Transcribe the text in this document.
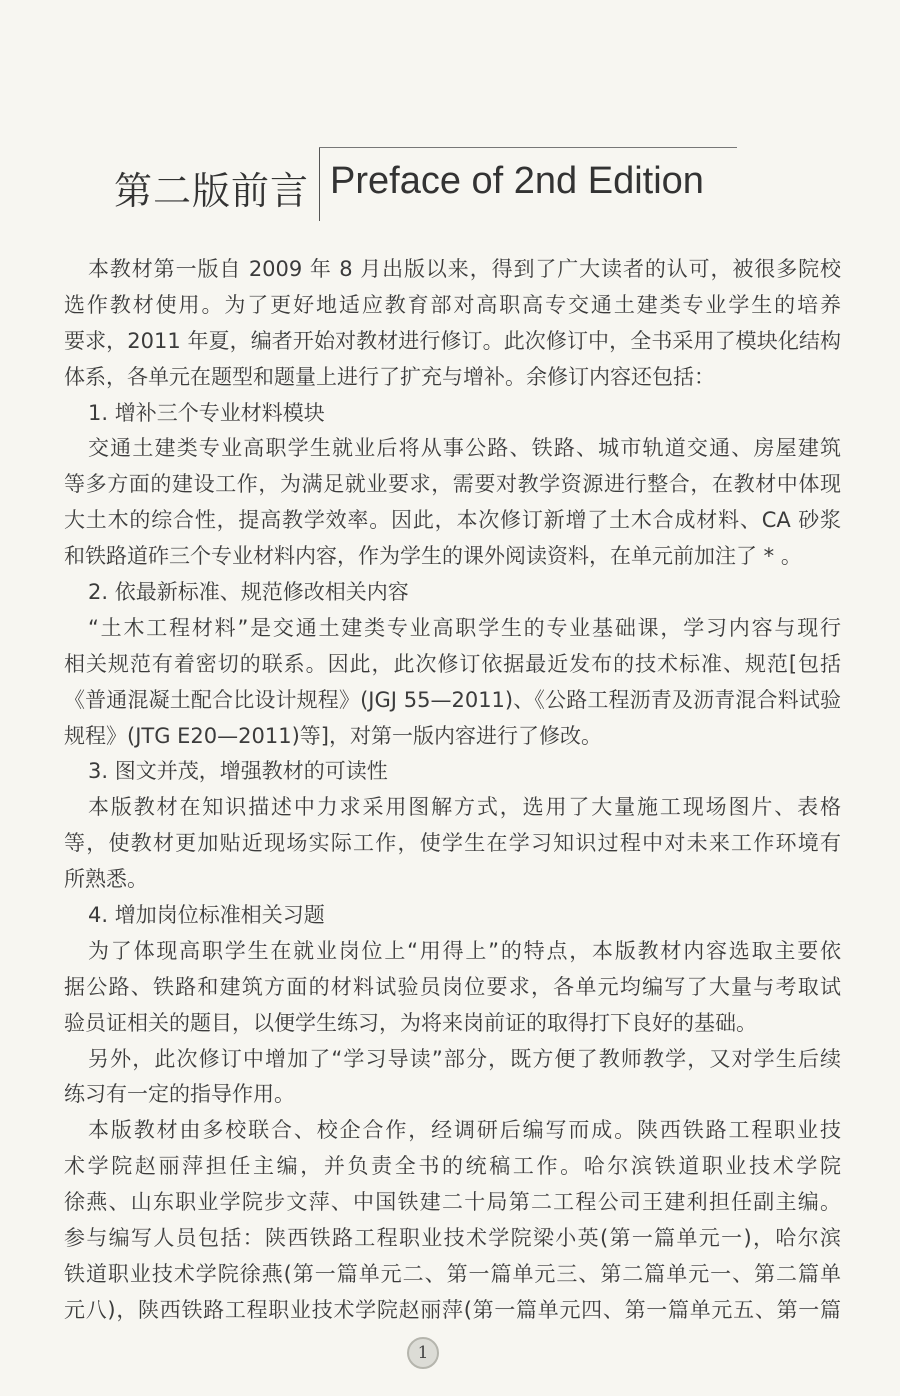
第二版前言 Preface of 2nd Edition
本教材第一版自 2009 年 8 月出版以来，得到了广大读者的认可，被很多院校
选作教材使用。为了更好地适应教育部对高职高专交通土建类专业学生的培养
要求，2011 年夏，编者开始对教材进行修订。此次修订中，全书采用了模块化结构
体系，各单元在题型和题量上进行了扩充与增补。余修订内容还包括：
1. 增补三个专业材料模块
交通土建类专业高职学生就业后将从事公路、铁路、城市轨道交通、房屋建筑
等多方面的建设工作，为满足就业要求，需要对教学资源进行整合，在教材中体现
大土木的综合性，提高教学效率。因此，本次修订新增了土木合成材料、CA 砂浆
和铁路道砟三个专业材料内容，作为学生的课外阅读资料，在单元前加注了 * 。
2. 依最新标准、规范修改相关内容
“土木工程材料”是交通土建类专业高职学生的专业基础课，学习内容与现行
相关规范有着密切的联系。因此，此次修订依据最近发布的技术标准、规范[包括
《普通混凝土配合比设计规程》(JGJ 55—2011)、《公路工程沥青及沥青混合料试验
规程》(JTG E20—2011)等]，对第一版内容进行了修改。
3. 图文并茂，增强教材的可读性
本版教材在知识描述中力求采用图解方式，选用了大量施工现场图片、表格
等，使教材更加贴近现场实际工作，使学生在学习知识过程中对未来工作环境有
所熟悉。
4. 增加岗位标准相关习题
为了体现高职学生在就业岗位上“用得上”的特点，本版教材内容选取主要依
据公路、铁路和建筑方面的材料试验员岗位要求，各单元均编写了大量与考取试
验员证相关的题目，以便学生练习，为将来岗前证的取得打下良好的基础。
另外，此次修订中增加了“学习导读”部分，既方便了教师教学，又对学生后续
练习有一定的指导作用。
本版教材由多校联合、校企合作，经调研后编写而成。陕西铁路工程职业技
术学院赵丽萍担任主编，并负责全书的统稿工作。哈尔滨铁道职业技术学院
徐燕、山东职业学院步文萍、中国铁建二十局第二工程公司王建利担任副主编。
参与编写人员包括：陕西铁路工程职业技术学院梁小英(第一篇单元一)，哈尔滨
铁道职业技术学院徐燕(第一篇单元二、第一篇单元三、第二篇单元一、第二篇单
元八)，陕西铁路工程职业技术学院赵丽萍(第一篇单元四、第一篇单元五、第一篇
1
